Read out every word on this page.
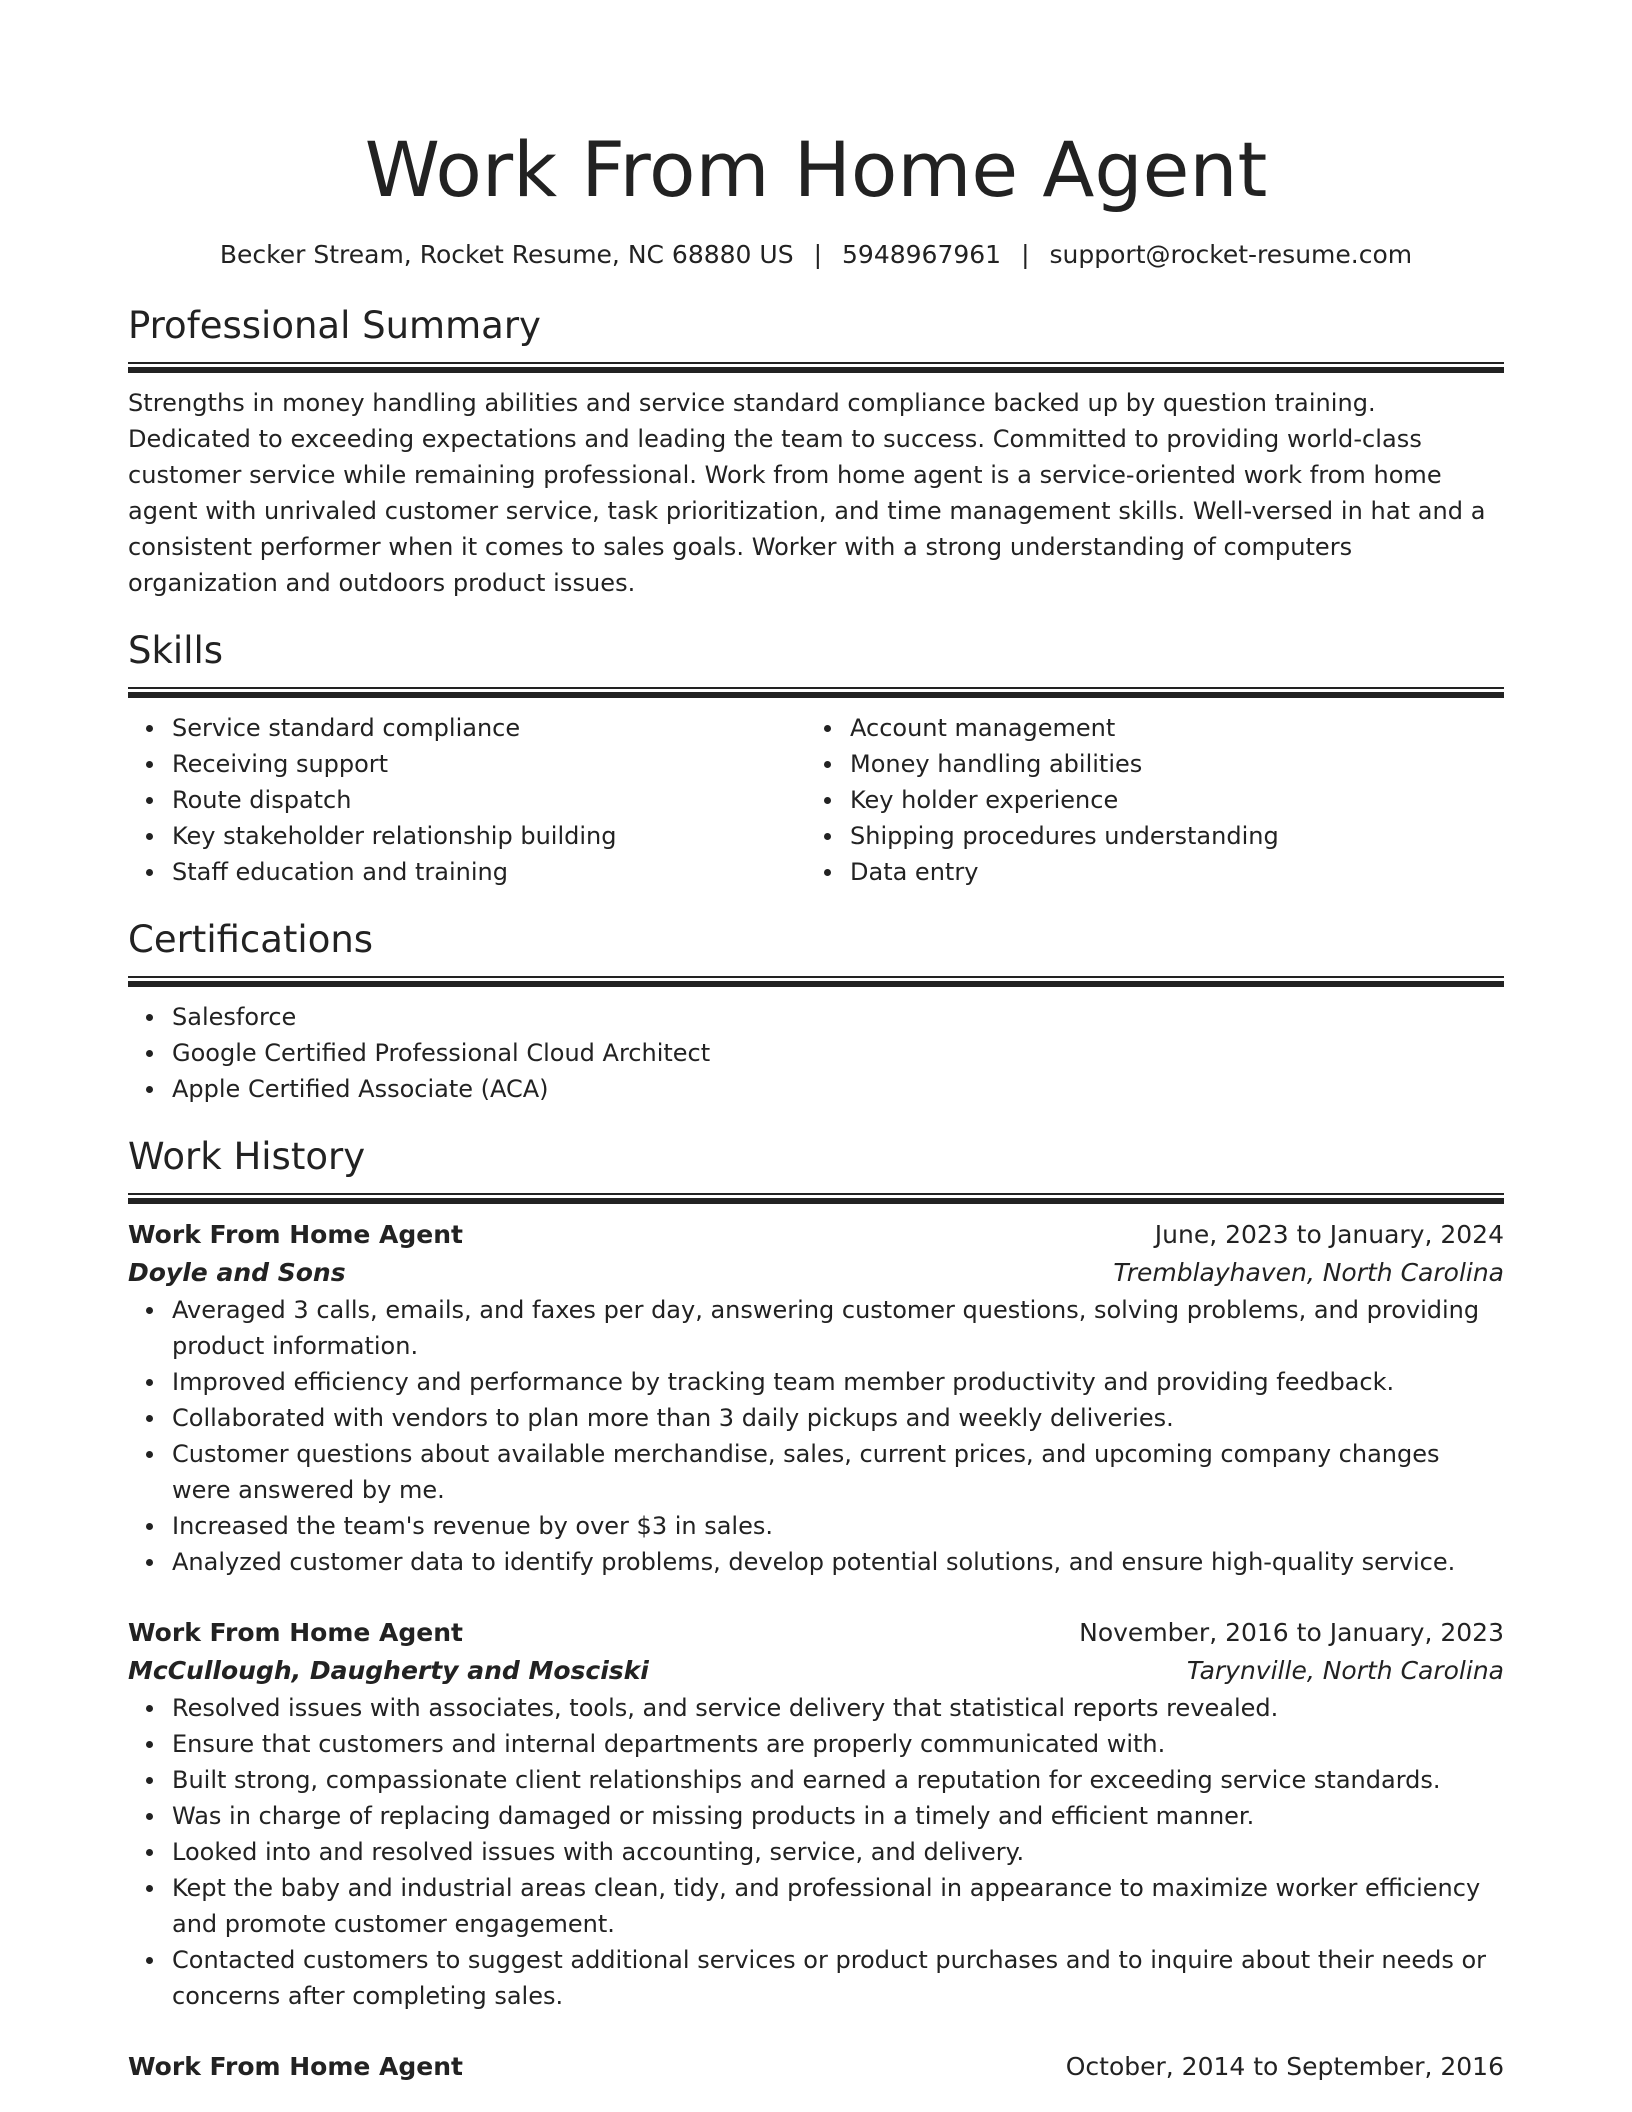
Work From Home Agent
Becker Stream, Rocket Resume, NC 68880 US | 5948967961 | support@rocket-resume.com
Professional Summary
Strengths in money handling abilities and service standard compliance backed up by question training. Dedicated to exceeding expectations and leading the team to success. Committed to providing world-class customer service while remaining professional. Work from home agent is a service-oriented work from home agent with unrivaled customer service, task prioritization, and time management skills. Well-versed in hat and a consistent performer when it comes to sales goals. Worker with a strong understanding of computers organization and outdoors product issues.
Skills
Service standard compliance
Receiving support
Route dispatch
Key stakeholder relationship building
Staff education and training
Account management
Money handling abilities
Key holder experience
Shipping procedures understanding
Data entry
Certifications
Salesforce
Google Certified Professional Cloud Architect
Apple Certified Associate (ACA)
Work History
Work From Home Agent	June, 2023 to January, 2024
Doyle and Sons	Tremblayhaven, North Carolina
Averaged 3 calls, emails, and faxes per day, answering customer questions, solving problems, and providing product information.
Improved efficiency and performance by tracking team member productivity and providing feedback.
Collaborated with vendors to plan more than 3 daily pickups and weekly deliveries.
Customer questions about available merchandise, sales, current prices, and upcoming company changes were answered by me.
Increased the team's revenue by over $3 in sales.
Analyzed customer data to identify problems, develop potential solutions, and ensure high-quality service.
Work From Home Agent	November, 2016 to January, 2023
McCullough, Daugherty and Mosciski	Tarynville, North Carolina
Resolved issues with associates, tools, and service delivery that statistical reports revealed.
Ensure that customers and internal departments are properly communicated with.
Built strong, compassionate client relationships and earned a reputation for exceeding service standards.
Was in charge of replacing damaged or missing products in a timely and efficient manner.
Looked into and resolved issues with accounting, service, and delivery.
Kept the baby and industrial areas clean, tidy, and professional in appearance to maximize worker efficiency and promote customer engagement.
Contacted customers to suggest additional services or product purchases and to inquire about their needs or concerns after completing sales.
Work From Home Agent	October, 2014 to September, 2016
